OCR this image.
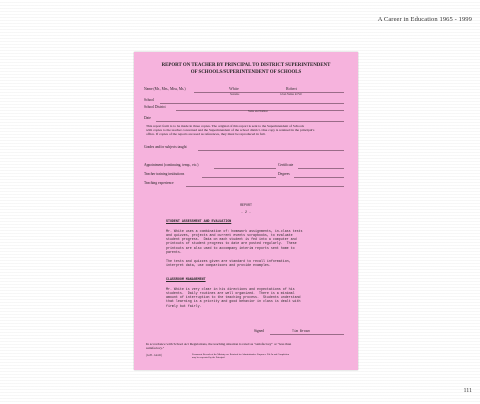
A Career in Education 1965 - 1999
REPORT ON TEACHER BY PRINCIPAL TO DISTRICT SUPERINTENDENT
OF SCHOOLS/SUPERINTENDENT OF SCHOOLS
Name (Mr., Mrs., Miss, Ms.)	White	Robert
Surname	Given Names in Full
School
School District
Name and Number
Date
This report form is to be made in three copies. The original of this report is sent to the Superintendent of Schools
with copies to the teacher concerned and the Superintendent of the school district. One copy is retained in the principal's
office. If copies of the reports are used as references, they must be reproduced in full.
Grades and/or subjects taught
Appointment (continuing, temp., etc.)	Certificate
Teacher training institutions	Degrees
Teaching experience
REPORT
- 2 -
STUDENT ASSESSMENT AND EVALUATION
Mr. White uses a combination of: homework assignments, in-class tests
and quizzes, projects and current events scrapbooks, to evaluate
student progress.  Data on each student is fed into a computer and
printouts of student progress to date are posted regularly.  These
printouts are also used to accompany interim reports sent home to
parents.
The tests and quizzes given are standard to recall information,
interpret data, use comparisons and provide examples.
CLASSROOM MANAGEMENT
Mr. White is very clear in his directions and expectations of his
students.  Daily routines are well organized.  There is a minimal
amount of interruption to the teaching process.  Students understand
that learning is a priority and good behavior in class is dealt with
firmly but fairly.
Signed	Tim Brown
In accordance with School Act Regulations, the teaching situation is rated as "satisfactory" or "less than
satisfactory."
(Gr.B - Gnd.R)	Permanent Records of the Ministry are Retained for Administrative Purposes. File In and Completion
may be requested by the Principal.
111
